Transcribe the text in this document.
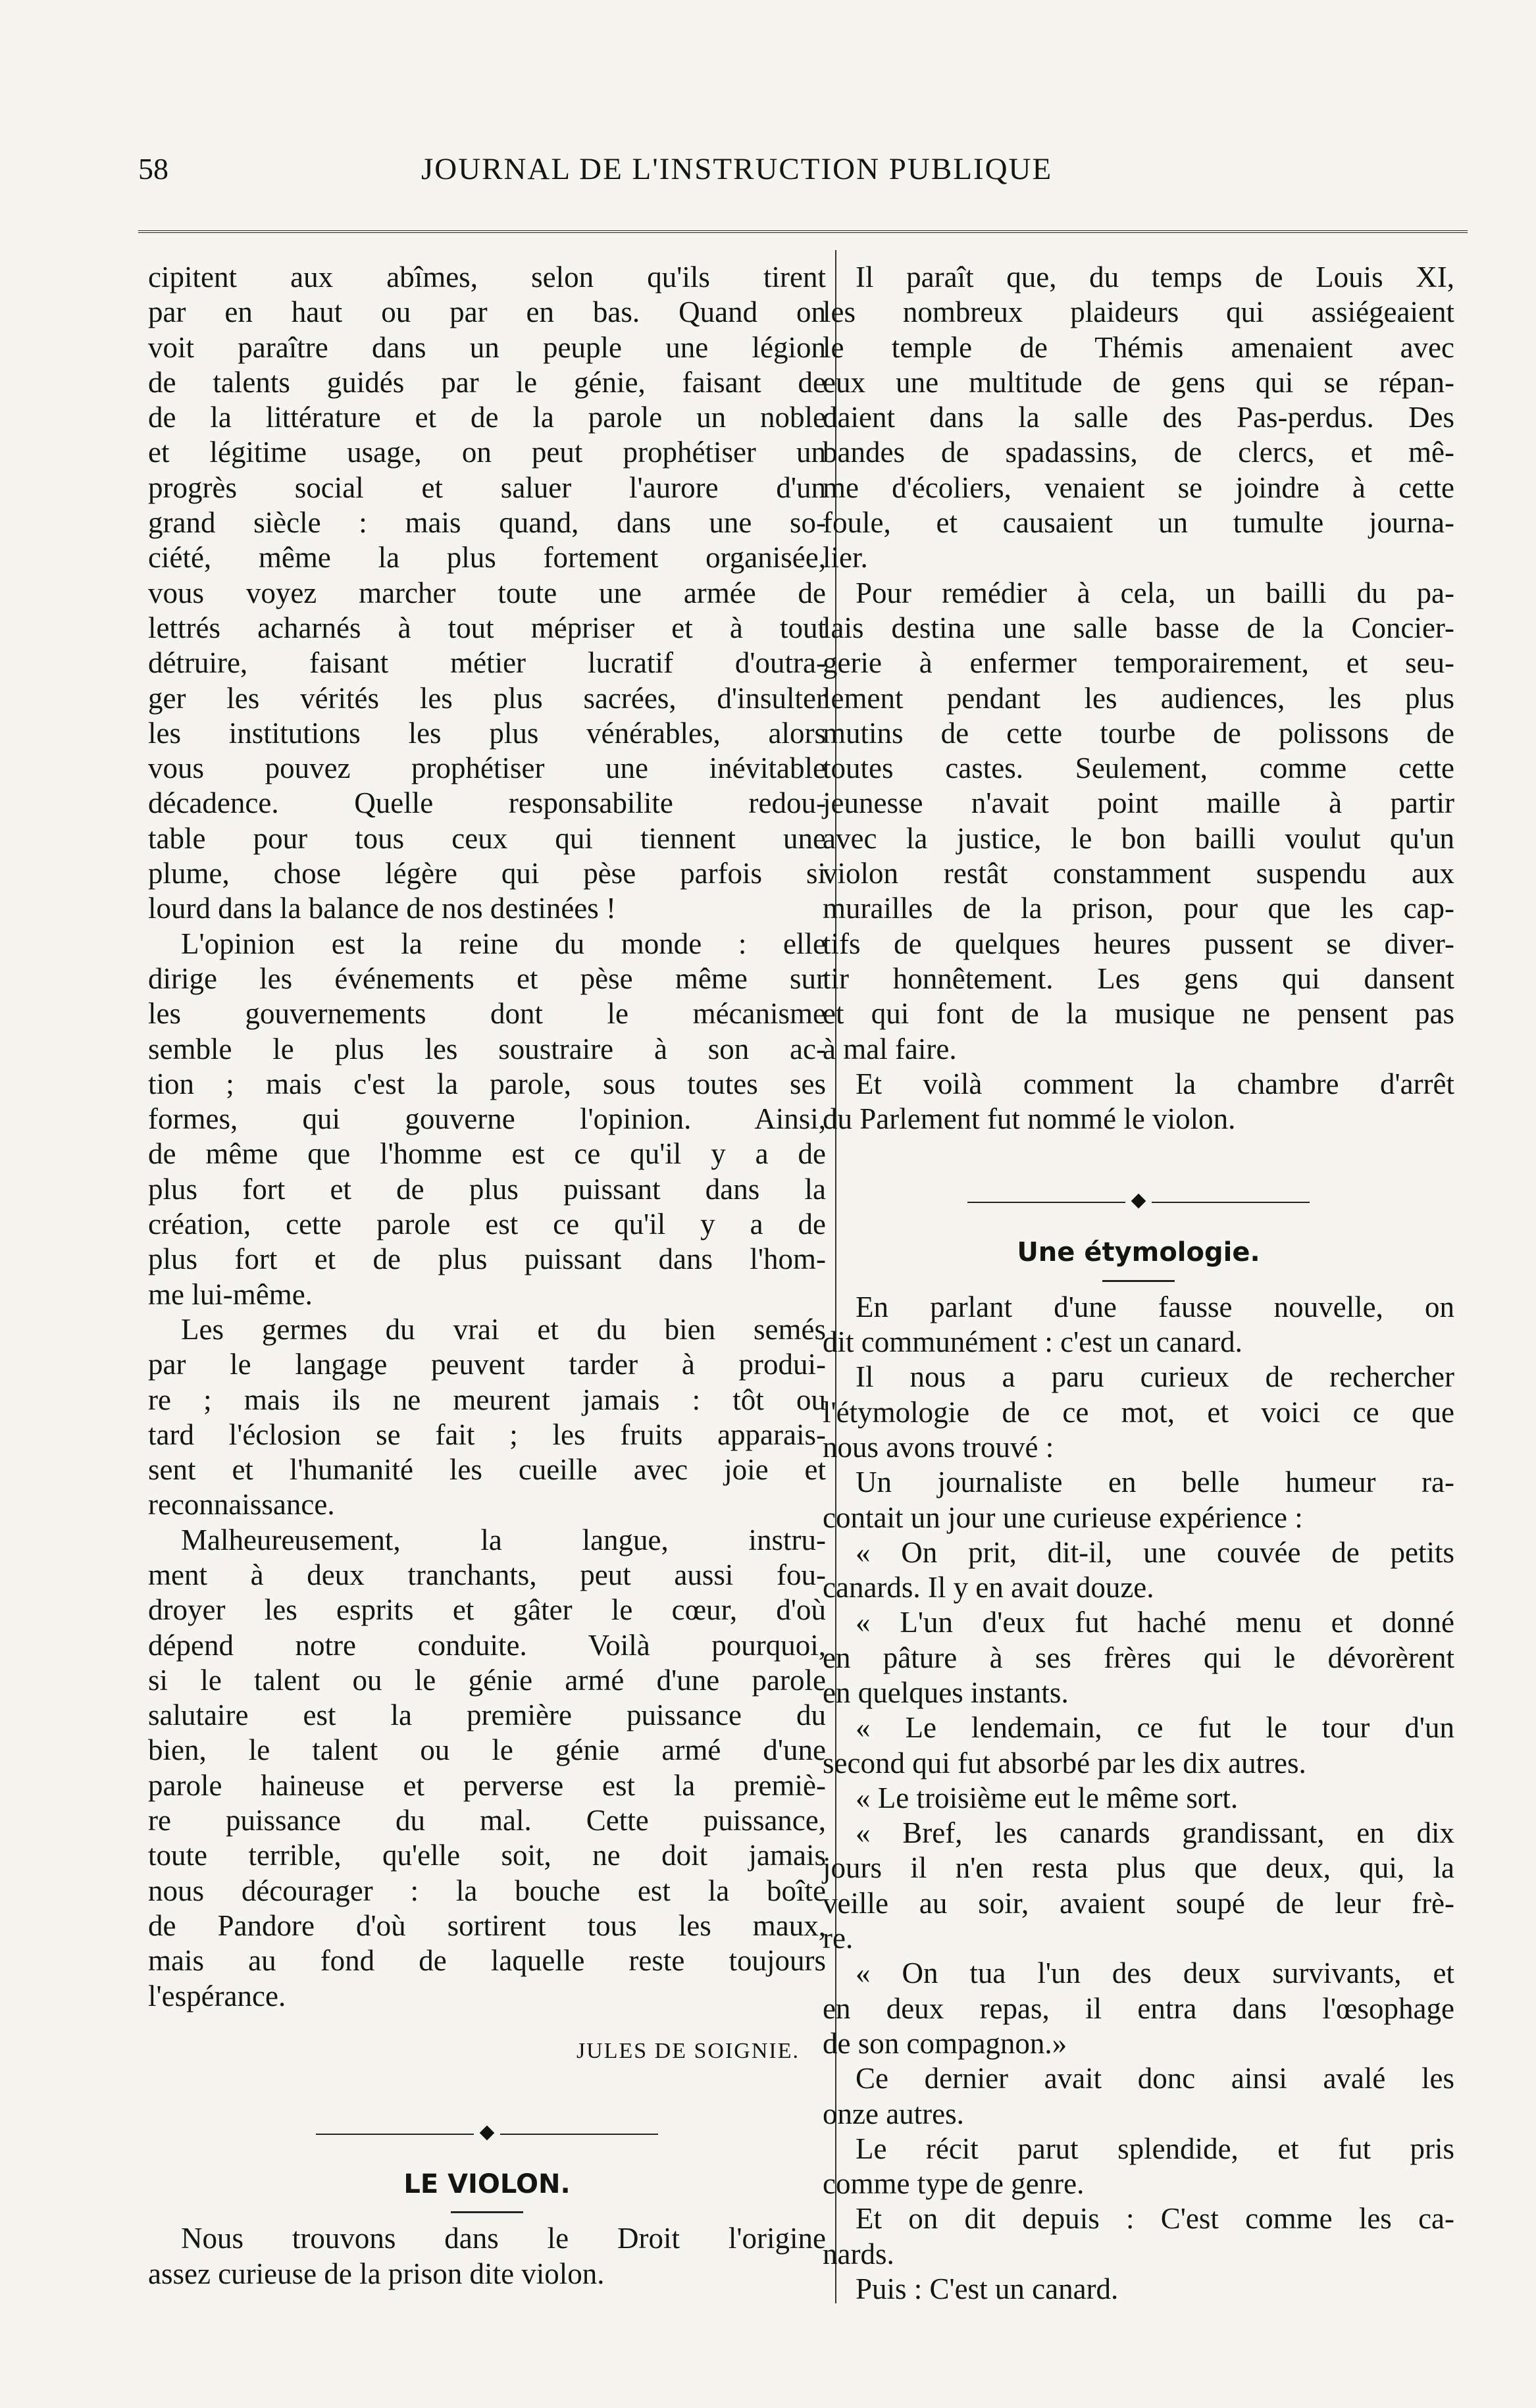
58	JOURNAL DE L'INSTRUCTION PUBLIQUE
cipitent aux abîmes, selon qu'ils tirent
par en haut ou par en bas. Quand on
voit paraître dans un peuple une légion
de talents guidés par le génie, faisant de
de la littérature et de la parole un noble
et légitime usage, on peut prophétiser un
progrès social et saluer l'aurore d'un
grand siècle : mais quand, dans une so-
ciété, même la plus fortement organisée,
vous voyez marcher toute une armée de
lettrés acharnés à tout mépriser et à tout
détruire, faisant métier lucratif d'outra-
ger les vérités les plus sacrées, d'insulter
les institutions les plus vénérables, alors
vous pouvez prophétiser une inévitable
décadence. Quelle responsabilite redou-
table pour tous ceux qui tiennent une
plume, chose légère qui pèse parfois si
lourd dans la balance de nos destinées !
L'opinion est la reine du monde : elle
dirige les événements et pèse même sur
les gouvernements dont le mécanisme
semble le plus les soustraire à son ac-
tion ; mais c'est la parole, sous toutes ses
formes, qui gouverne l'opinion. Ainsi,
de même que l'homme est ce qu'il y a de
plus fort et de plus puissant dans la
création, cette parole est ce qu'il y a de
plus fort et de plus puissant dans l'hom-
me lui-même.
Les germes du vrai et du bien semés
par le langage peuvent tarder à produi-
re ; mais ils ne meurent jamais : tôt ou
tard l'éclosion se fait ; les fruits apparais-
sent et l'humanité les cueille avec joie et
reconnaissance.
Malheureusement, la langue, instru-
ment à deux tranchants, peut aussi fou-
droyer les esprits et gâter le cœur, d'où
dépend notre conduite. Voilà pourquoi,
si le talent ou le génie armé d'une parole
salutaire est la première puissance du
bien, le talent ou le génie armé d'une
parole haineuse et perverse est la premiè-
re puissance du mal. Cette puissance,
toute terrible, qu'elle soit, ne doit jamais
nous décourager : la bouche est la boîte
de Pandore d'où sortirent tous les maux,
mais au fond de laquelle reste toujours
l'espérance.
JULES DE SOIGNIE.
LE VIOLON.
Nous trouvons dans le Droit l'origine
assez curieuse de la prison dite violon.
Il paraît que, du temps de Louis XI,
les nombreux plaideurs qui assiégeaient
le temple de Thémis amenaient avec
eux une multitude de gens qui se répan-
daient dans la salle des Pas-perdus. Des
bandes de spadassins, de clercs, et mê-
me d'écoliers, venaient se joindre à cette
foule, et causaient un tumulte journa-
lier.
Pour remédier à cela, un bailli du pa-
lais destina une salle basse de la Concier-
gerie à enfermer temporairement, et seu-
lement pendant les audiences, les plus
mutins de cette tourbe de polissons de
toutes castes. Seulement, comme cette
jeunesse n'avait point maille à partir
avec la justice, le bon bailli voulut qu'un
violon restât constamment suspendu aux
murailles de la prison, pour que les cap-
tifs de quelques heures pussent se diver-
tir honnêtement. Les gens qui dansent
et qui font de la musique ne pensent pas
à mal faire.
Et voilà comment la chambre d'arrêt
du Parlement fut nommé le violon.
Une étymologie.
En parlant d'une fausse nouvelle, on
dit communément : c'est un canard.
Il nous a paru curieux de rechercher
l'étymologie de ce mot, et voici ce que
nous avons trouvé :
Un journaliste en belle humeur ra-
contait un jour une curieuse expérience :
« On prit, dit-il, une couvée de petits
canards. Il y en avait douze.
« L'un d'eux fut haché menu et donné
en pâture à ses frères qui le dévorèrent
en quelques instants.
« Le lendemain, ce fut le tour d'un
second qui fut absorbé par les dix autres.
« Le troisième eut le même sort.
« Bref, les canards grandissant, en dix
jours il n'en resta plus que deux, qui, la
veille au soir, avaient soupé de leur frè-
re.
« On tua l'un des deux survivants, et
en deux repas, il entra dans l'œsophage
de son compagnon.»
Ce dernier avait donc ainsi avalé les
onze autres.
Le récit parut splendide, et fut pris
comme type de genre.
Et on dit depuis : C'est comme les ca-
nards.
Puis : C'est un canard.
